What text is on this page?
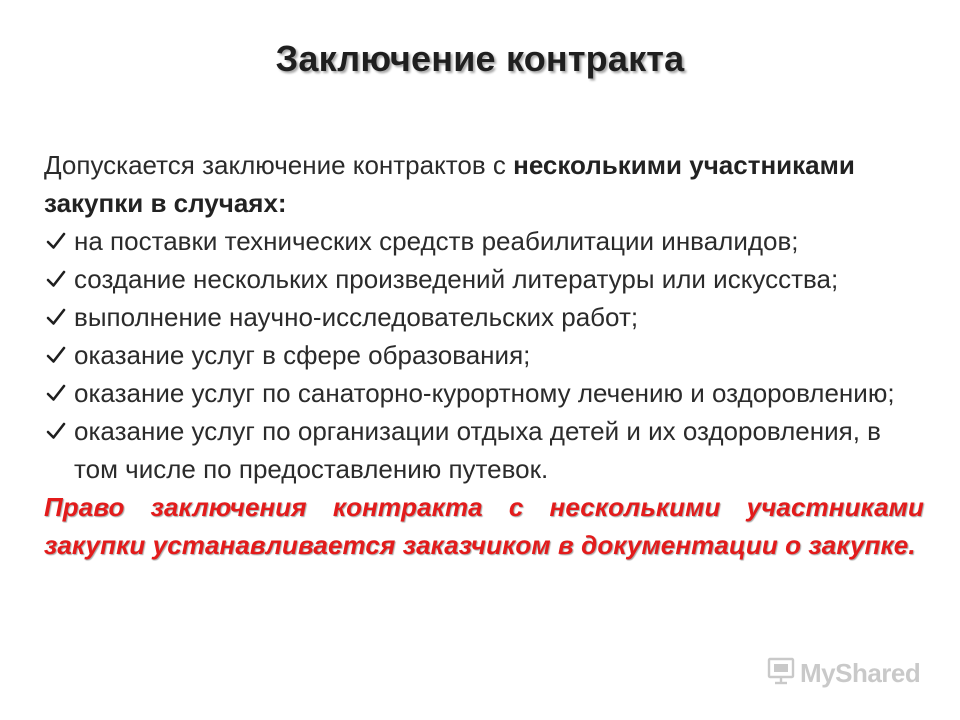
Заключение контракта
Допускается заключение контрактов с несколькими участниками закупки в случаях:
на поставки технических средств реабилитации инвалидов;
создание нескольких произведений литературы или искусства;
выполнение научно-исследовательских работ;
оказание услуг в сфере образования;
оказание услуг по санаторно-курортному лечению и оздоровлению;
оказание услуг по организации отдыха детей и их оздоровления, в том числе по предоставлению путевок.
Право заключения контракта с несколькими участниками закупки устанавливается заказчиком в документации о закупке.
MyShared
